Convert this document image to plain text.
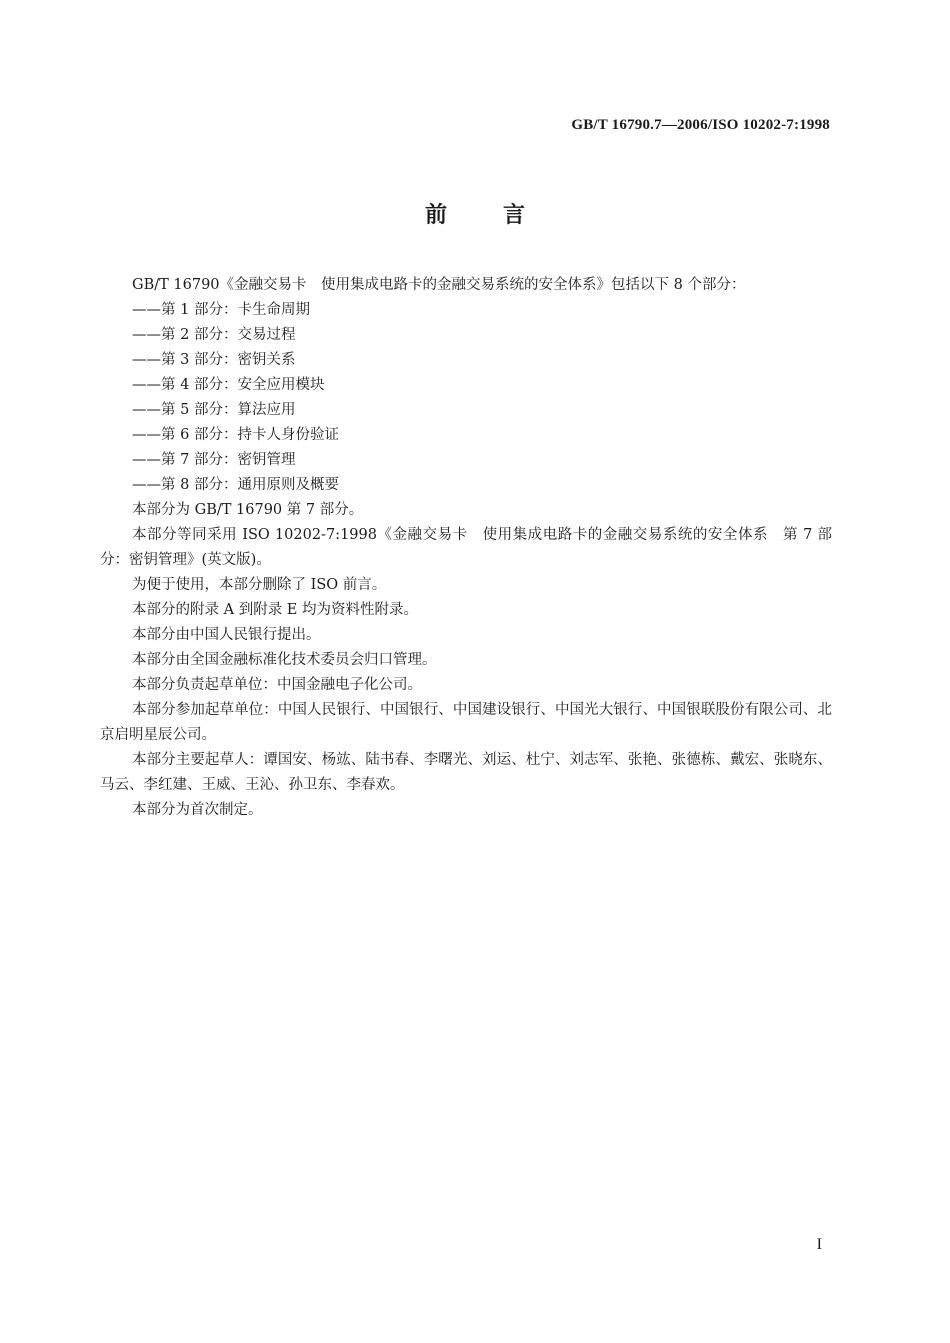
GB/T 16790.7—2006/ISO 10202-7:1998
前言

GB/T 16790《金融交易卡　使用集成电路卡的金融交易系统的安全体系》包括以下 8 个部分：

——第 1 部分：卡生命周期

——第 2 部分：交易过程

——第 3 部分：密钥关系

——第 4 部分：安全应用模块

——第 5 部分：算法应用

——第 6 部分：持卡人身份验证

——第 7 部分：密钥管理

——第 8 部分：通用原则及概要

本部分为 GB/T 16790 第 7 部分。

本部分等同采用 ISO 10202-7:1998《金融交易卡　使用集成电路卡的金融交易系统的安全体系　第 7 部分：密钥管理》(英文版)。

为便于使用，本部分删除了 ISO 前言。

本部分的附录 A 到附录 E 均为资料性附录。

本部分由中国人民银行提出。

本部分由全国金融标准化技术委员会归口管理。

本部分负责起草单位：中国金融电子化公司。

本部分参加起草单位：中国人民银行、中国银行、中国建设银行、中国光大银行、中国银联股份有限公司、北京启明星辰公司。

本部分主要起草人：谭国安、杨竑、陆书春、李曙光、刘运、杜宁、刘志军、张艳、张德栋、戴宏、张晓东、马云、李红建、王威、王沁、孙卫东、李春欢。

本部分为首次制定。

I
